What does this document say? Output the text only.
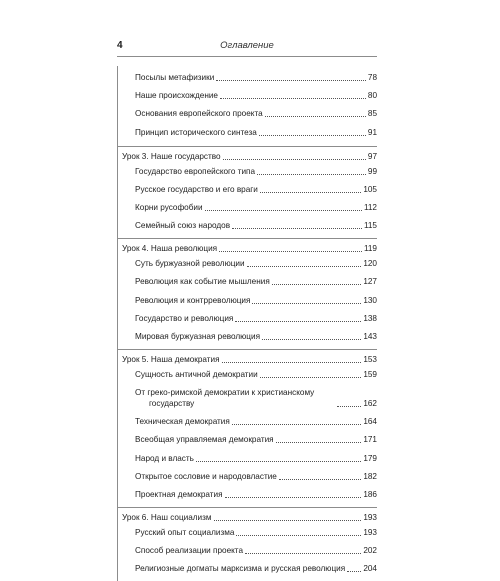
4	Оглавление
Посылы метафизики	78
Наше происхождение	80
Основания европейского проекта	85
Принцип исторического синтеза	91
Урок 3. Наше государство	97
Государство европейского типа	99
Русское государство и его враги	105
Корни русофобии	112
Семейный союз народов	115
Урок 4. Наша революция	119
Суть буржуазной революции	120
Революция как событие мышления	127
Революция и контрреволюция	130
Государство и революция	138
Мировая буржуазная революция	143
Урок 5. Наша демократия	153
Сущность античной демократии	159
От греко-римской демократии к христианскому
государству	162
Техническая демократия	164
Всеобщая управляемая демократия	171
Народ и власть	179
Открытое сословие и народовластие	182
Проектная демократия	186
Урок 6. Наш социализм	193
Русский опыт социализма	193
Способ реализации проекта	202
Религиозные догматы марксизма и русская революция 204
